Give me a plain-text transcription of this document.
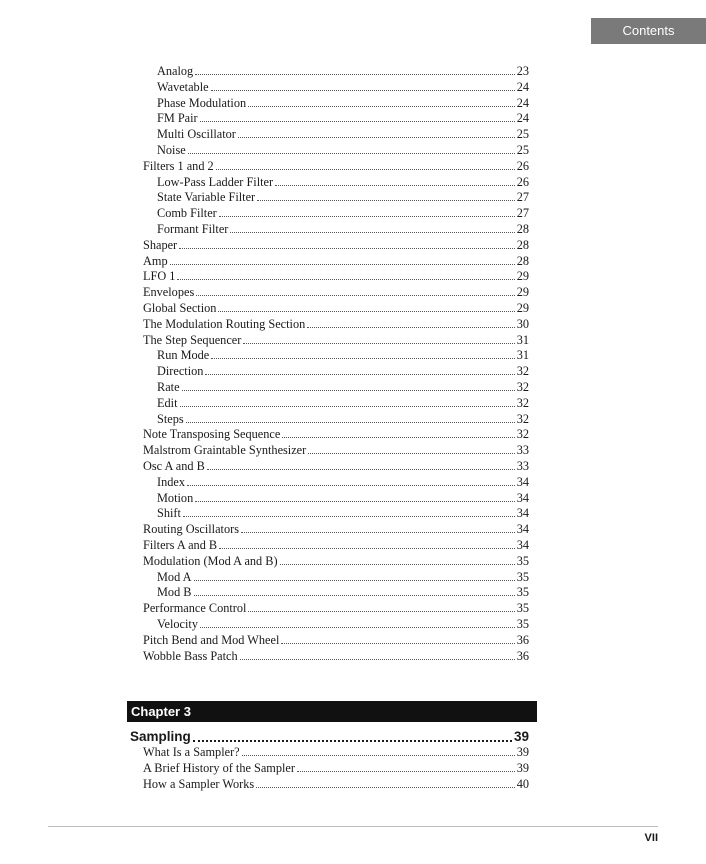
Contents
Analog	23
Wavetable	24
Phase Modulation	24
FM Pair	24
Multi Oscillator	25
Noise	25
Filters 1 and 2	26
Low-Pass Ladder Filter	26
State Variable Filter	27
Comb Filter	27
Formant Filter	28
Shaper	28
Amp	28
LFO 1	29
Envelopes	29
Global Section	29
The Modulation Routing Section	30
The Step Sequencer	31
Run Mode	31
Direction	32
Rate	32
Edit	32
Steps	32
Note Transposing Sequence	32
Malstrom Graintable Synthesizer	33
Osc A and B	33
Index	34
Motion	34
Shift	34
Routing Oscillators	34
Filters A and B	34
Modulation (Mod A and B)	35
Mod A	35
Mod B	35
Performance Control	35
Velocity	35
Pitch Bend and Mod Wheel	36
Wobble Bass Patch	36
Chapter 3
Sampling	39
What Is a Sampler?	39
A Brief History of the Sampler	39
How a Sampler Works	40
VII
